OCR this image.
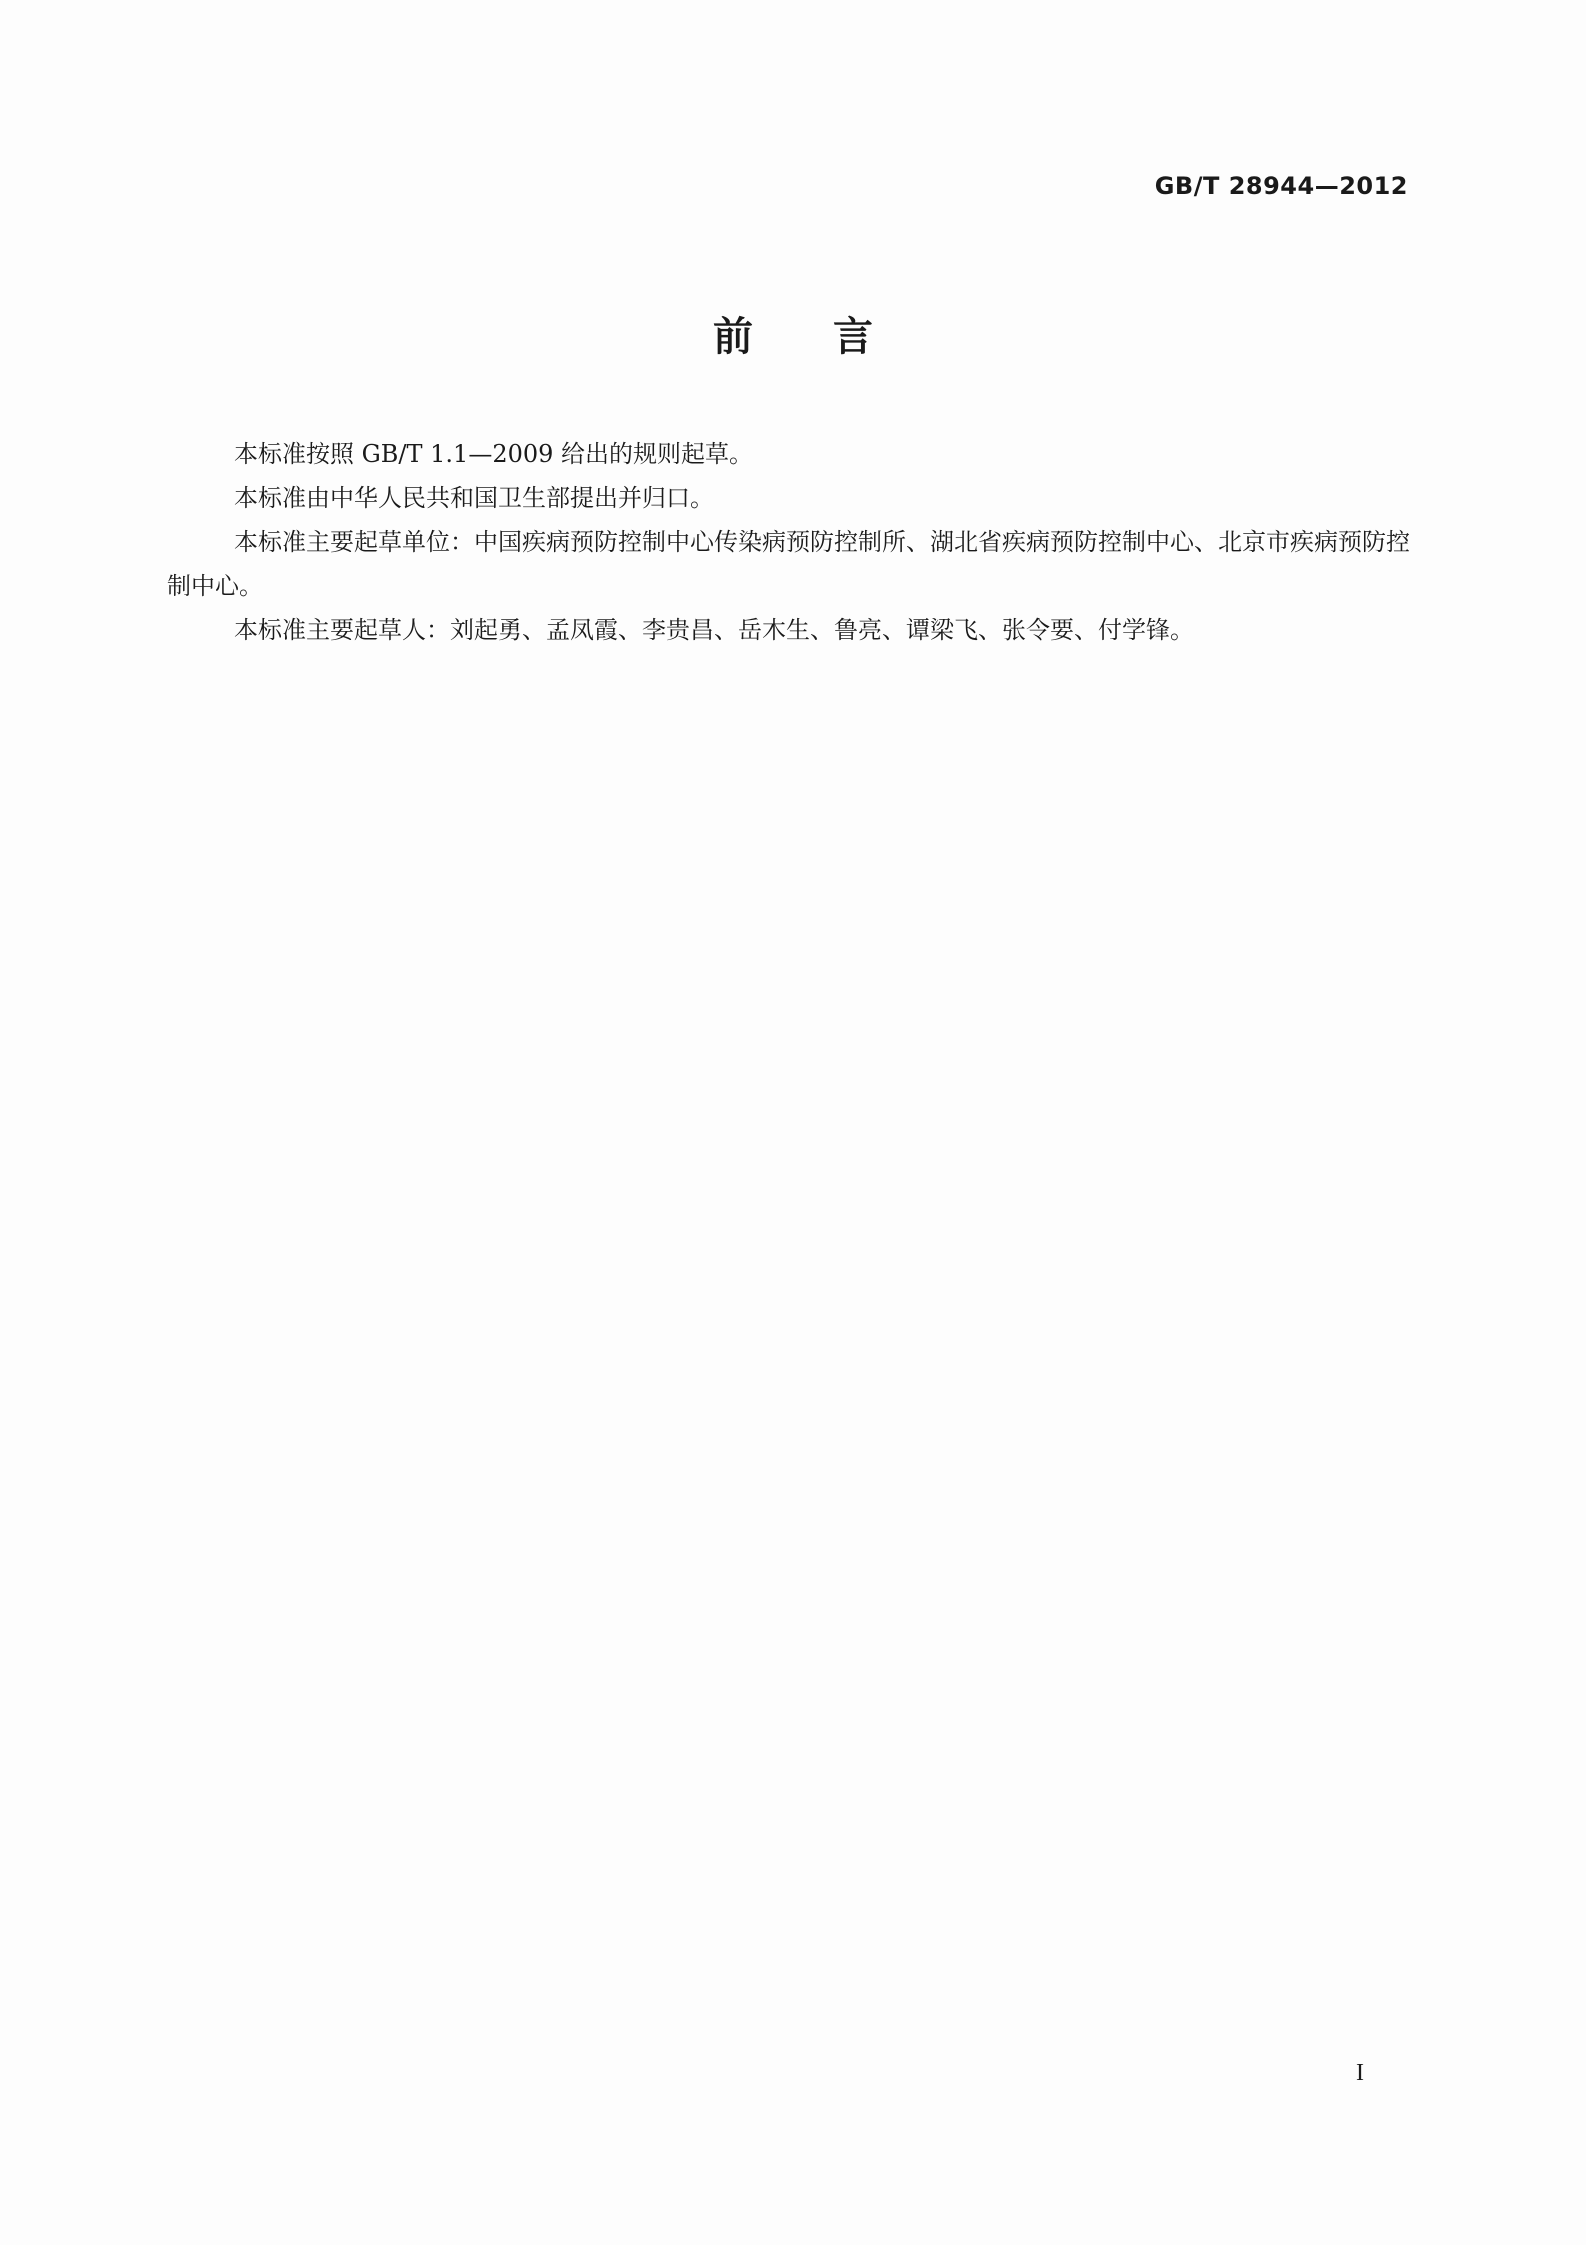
GB/T 28944—2012
前言

本标准按照 GB/T 1.1—2009 给出的规则起草。

本标准由中华人民共和国卫生部提出并归口。

本标准主要起草单位：中国疾病预防控制中心传染病预防控制所、湖北省疾病预防控制中心、北京市疾病预防控制中心。

本标准主要起草人：刘起勇、孟凤霞、李贵昌、岳木生、鲁亮、谭梁飞、张令要、付学锋。

I
